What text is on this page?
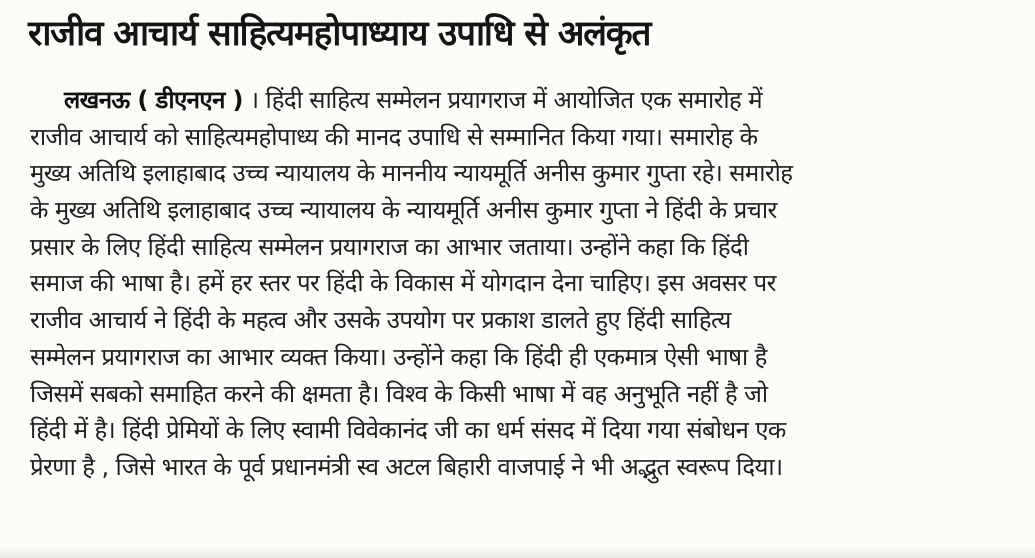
राजीव आचार्य साहित्यमहोपाध्याय उपाधि से अलंकृत
लखनऊ ( डीएनएन ) । हिंदी साहित्य सम्मेलन प्रयागराज में आयोजित एक समारोह में
राजीव आचार्य को साहित्यमहोपाध्य की मानद उपाधि से सम्मानित किया गया। समारोह के
मुख्य अतिथि इलाहाबाद उच्च न्यायालय के माननीय न्यायमूर्ति अनीस कुमार गुप्ता रहे। समारोह
के मुख्य अतिथि इलाहाबाद उच्च न्यायालय के न्यायमूर्ति अनीस कुमार गुप्ता ने हिंदी के प्रचार
प्रसार के लिए हिंदी साहित्य सम्मेलन प्रयागराज का आभार जताया। उन्होंने कहा कि हिंदी
समाज की भाषा है। हमें हर स्तर पर हिंदी के विकास में योगदान देना चाहिए। इस अवसर पर
राजीव आचार्य ने हिंदी के महत्व और उसके उपयोग पर प्रकाश डालते हुए हिंदी साहित्य
सम्मेलन प्रयागराज का आभार व्यक्त किया। उन्होंने कहा कि हिंदी ही एकमात्र ऐसी भाषा है
जिसमें सबको समाहित करने की क्षमता है। विश्व के किसी भाषा में वह अनुभूति नहीं है जो
हिंदी में है। हिंदी प्रेमियों के लिए स्वामी विवेकानंद जी का धर्म संसद में दिया गया संबोधन एक
प्रेरणा है , जिसे भारत के पूर्व प्रधानमंत्री स्व अटल बिहारी वाजपाई ने भी अद्भुत स्वरूप दिया।
